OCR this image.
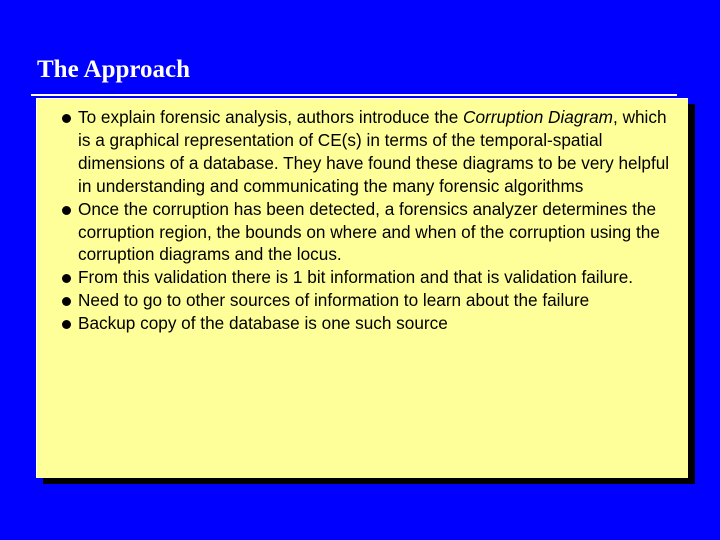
The Approach
To explain forensic analysis, authors introduce the Corruption Diagram, which is a graphical representation of CE(s) in terms of the temporal-spatial dimensions of a database. They have found these diagrams to be very helpful in understanding and communicating the many forensic algorithms
Once the corruption has been detected, a forensics analyzer determines the corruption region, the bounds on where and when of the corruption using the corruption diagrams and the locus.
From this validation there is 1 bit information and that is validation failure.
Need to go to other sources of information to learn about the failure
Backup copy of the database is one such source
